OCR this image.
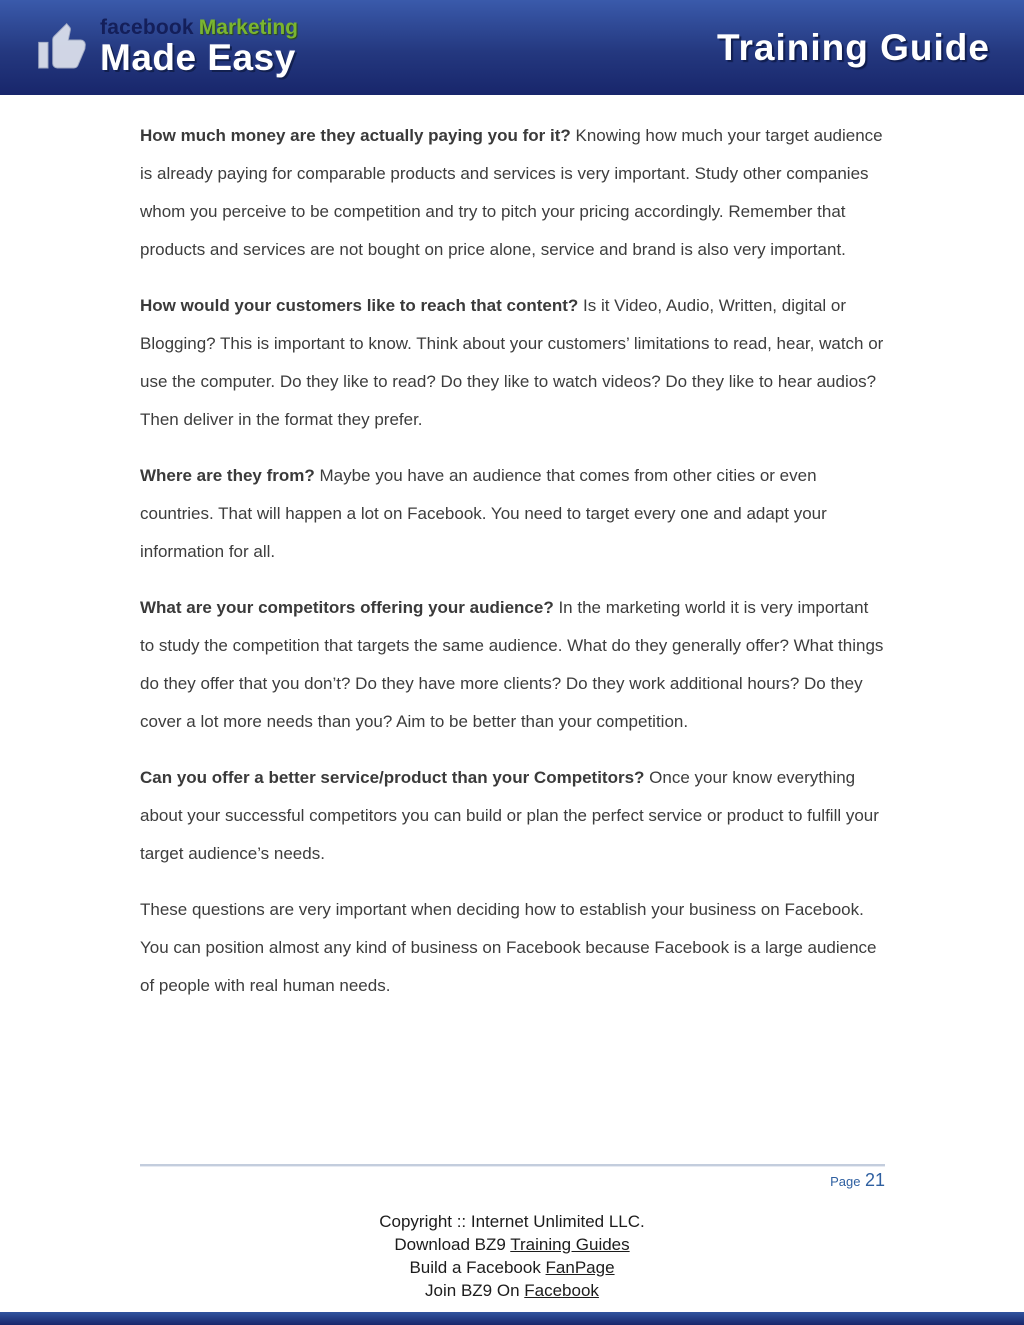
facebook Marketing
Made Easy	Training Guide

How much money are they actually paying you for it? Knowing how much your target audience is already paying for comparable products and services is very important. Study other companies whom you perceive to be competition and try to pitch your pricing accordingly. Remember that products and services are not bought on price alone, service and brand is also very important.

How would your customers like to reach that content? Is it Video, Audio, Written, digital or Blogging? This is important to know. Think about your customers’ limitations to read, hear, watch or use the computer. Do they like to read? Do they like to watch videos? Do they like to hear audios? Then deliver in the format they prefer.

Where are they from? Maybe you have an audience that comes from other cities or even countries. That will happen a lot on Facebook. You need to target every one and adapt your information for all.

What are your competitors offering your audience? In the marketing world it is very important to study the competition that targets the same audience. What do they generally offer? What things do they offer that you don’t? Do they have more clients? Do they work additional hours? Do they cover a lot more needs than you? Aim to be better than your competition.

Can you offer a better service/product than your Competitors? Once your know everything about your successful competitors you can build or plan the perfect service or product to fulfill your target audience’s needs.

These questions are very important when deciding how to establish your business on Facebook. You can position almost any kind of business on Facebook because Facebook is a large audience of people with real human needs.

Page 21
Copyright :: Internet Unlimited LLC.
Download BZ9 Training Guides
Build a Facebook FanPage
Join BZ9 On Facebook
